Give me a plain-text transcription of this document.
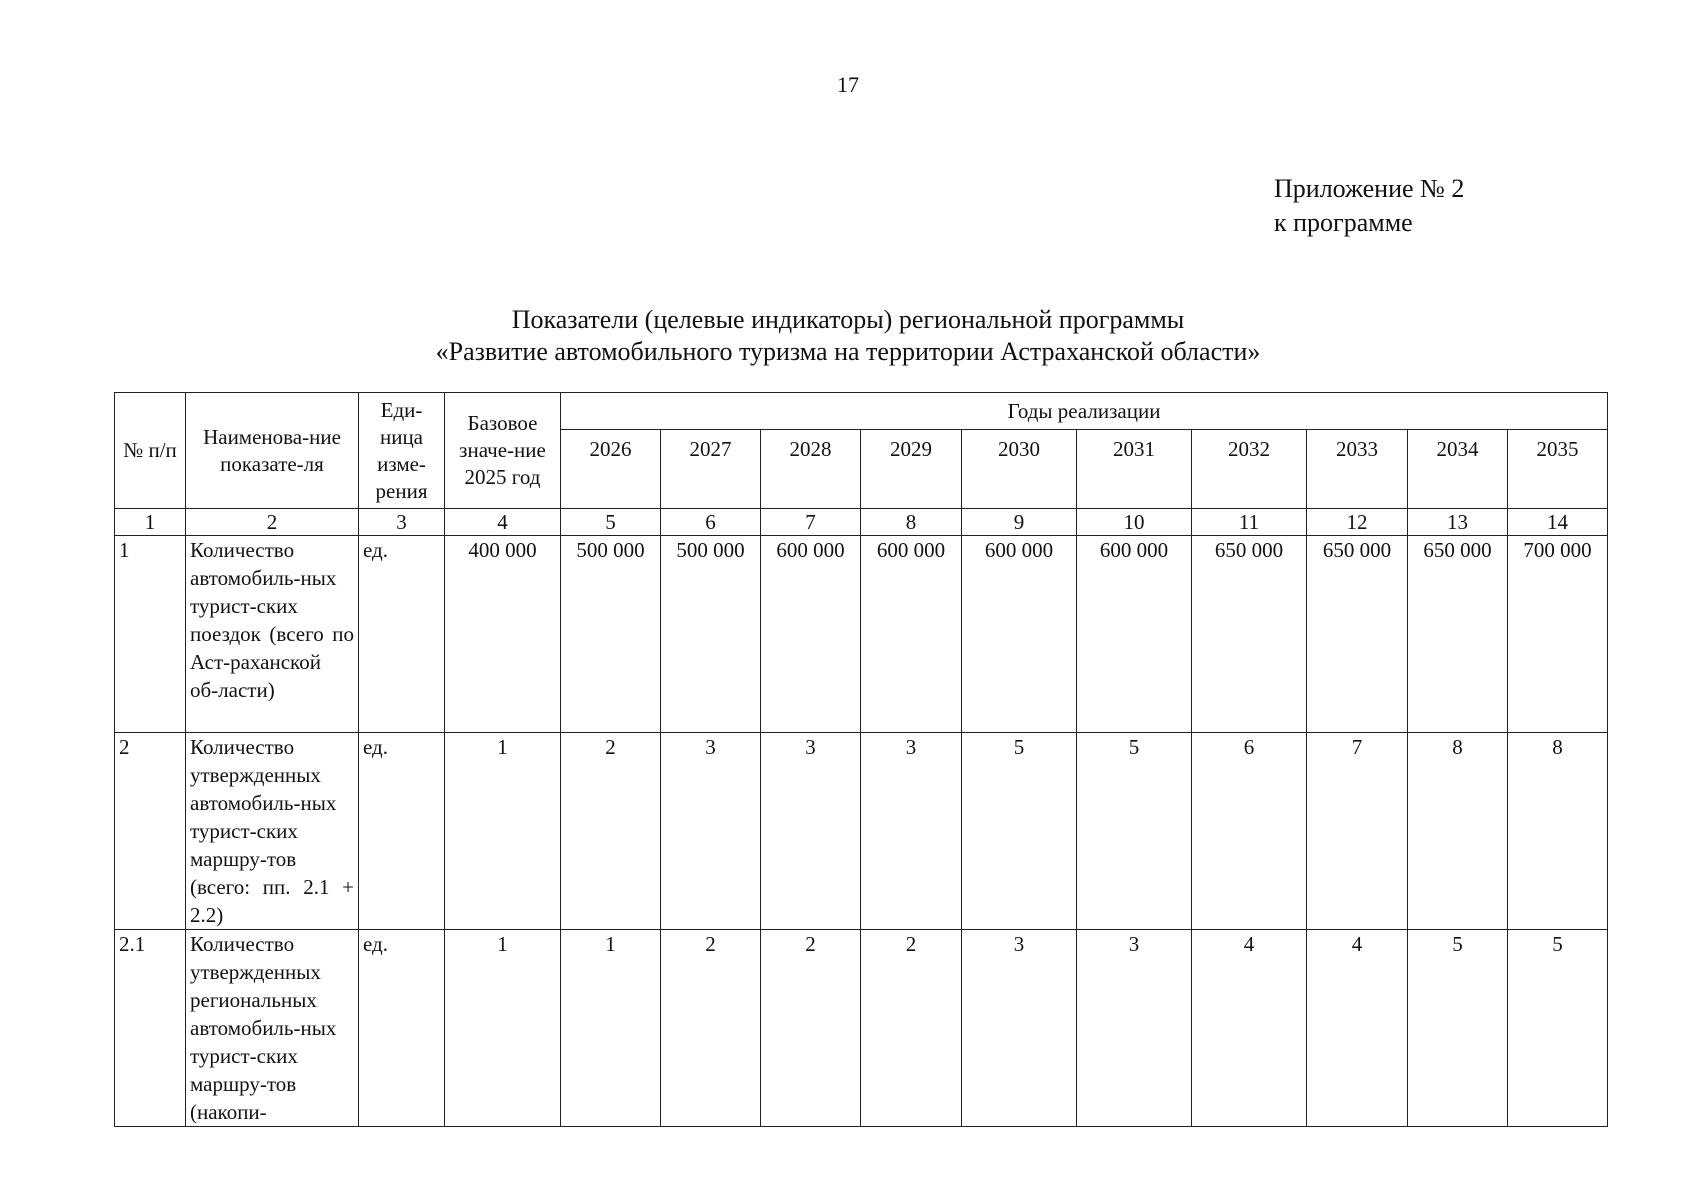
17
Приложение № 2
к программе
Показатели (целевые индикаторы) региональной программы
«Развитие автомобильного туризма на территории Астраханской области»
№ п/п	Наименова-ние показате-ля	Еди-ница изме-рения	Базовое значе-ние 2025 год	Годы реализации									
				2026	2027	2028	2029	2030	2031	2032	2033	2034	2035
1	2	3	4	5	6	7	8	9	10	11	12	13	14
1	Количество автомобиль-ных турист-ских поездок (всего по Аст-раханской об-ласти)	ед.	400 000	500 000	500 000	600 000	600 000	600 000	600 000	650 000	650 000	650 000	700 000
2	Количество утвержденных автомобиль-ных турист-ских маршру-тов (всего: пп. 2.1 + 2.2)	ед.	1	2	3	3	3	5	5	6	7	8	8
2.1	Количество утвержденных региональных автомобиль-ных турист-ских маршру-тов (накопи-	ед.	1	1	2	2	2	3	3	4	4	5	5
